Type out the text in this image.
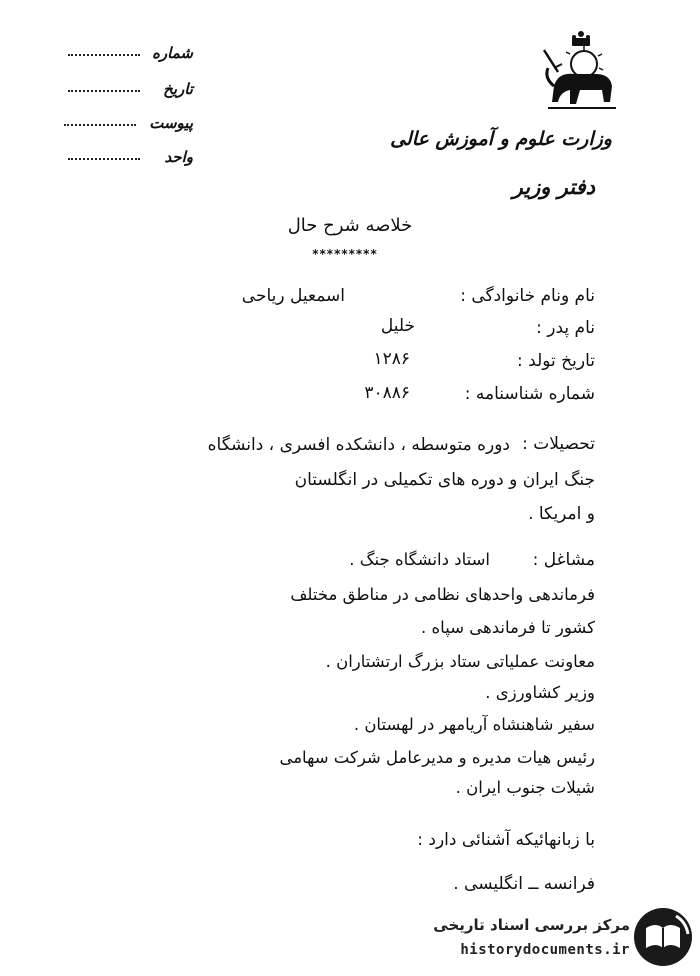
شماره
تاریخ
پیوست
واحد
وزارت علوم و آموزش عالی
دفتر وزیر
خلاصه شرح حال
*********
نام ونام خانوادگی :
اسمعیل ریاحی
نام پدر :
خلیل
تاریخ تولد :
۱۲۸۶
شماره شناسنامه :
۳۰۸۸۶
تحصیلات :
دوره متوسطه ، دانشکده افسری ، دانشگاه
جنگ ایران و دوره های تکمیلی در انگلستان
و امریکا .
مشاغل :
استاد دانشگاه جنگ .
فرماندهی واحدهای نظامی در مناطق مختلف
کشور تا فرماندهی سپاه .
معاونت عملیاتی ستاد بزرگ ارتشتاران .
وزیر کشاورزی .
سفیر شاهنشاه آریامهر در لهستان .
رئیس هیات مدیره و مدیرعامل شرکت سهامی
شیلات جنوب ایران .
با زبانهائیکه آشنائی دارد :
فرانسه ــ انگلیسی .
مرکز بررسی اسناد تاریخی
historydocuments.ir
